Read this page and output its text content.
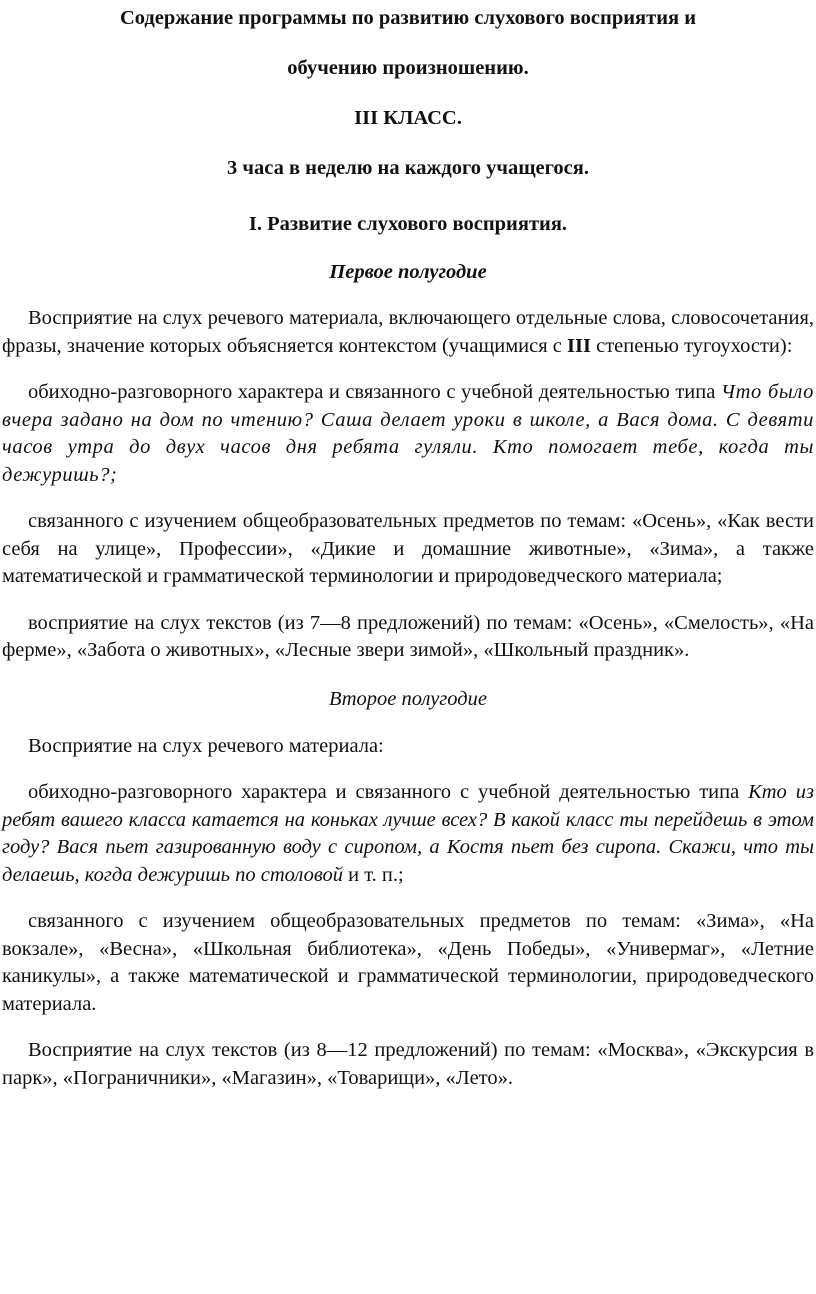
Содержание программы по развитию слухового восприятия и

обучению произношению.

III КЛАСС.

3 часа в неделю на каждого учащегося.

I. Развитие слухового восприятия.

Первое полугодие

Восприятие на слух речевого материала, включающего отдельные слова, словосочетания, фразы, значение которых объясняется контекстом (учащимися с III степенью тугоухости):

обиходно-разговорного характера и связанного с учебной деятельностью типа Что было вчера задано на дом по чтению? Саша делает уроки в школе, а Вася дома. С девяти часов утра до двух часов дня ребята гуляли. Кто помогает тебе, когда ты дежуришь?;

связанного с изучением общеобразовательных предметов по темам: «Осень», «Как вести себя на улице», Профессии», «Дикие и домашние животные», «Зима», а также математической и грамматической терминологии и природоведческого материала;

восприятие на слух текстов (из 7—8 предложений) по темам: «Осень», «Смелость», «На ферме», «Забота о животных», «Лесные звери зимой», «Школьный праздник».

Второе полугодие

Восприятие на слух речевого материала:

обиходно-разговорного характера и связанного с учебной деятельностью типа Кто из ребят вашего класса катается на коньках лучше всех? В какой класс ты перейдешь в этом году? Вася пьет газированную воду с сиропом, а Костя пьет без сиропа. Скажи, что ты делаешь, когда дежуришь по столовой и т. п.;

связанного с изучением общеобразовательных предметов по темам: «Зима», «На вокзале», «Весна», «Школьная библиотека», «День Победы», «Универмаг», «Летние каникулы», а также математической и грамматической терминологии, природоведческого материала.

Восприятие на слух текстов (из 8—12 предложений) по темам: «Москва», «Экскурсия в парк», «Пограничники», «Магазин», «Товарищи», «Лето».
